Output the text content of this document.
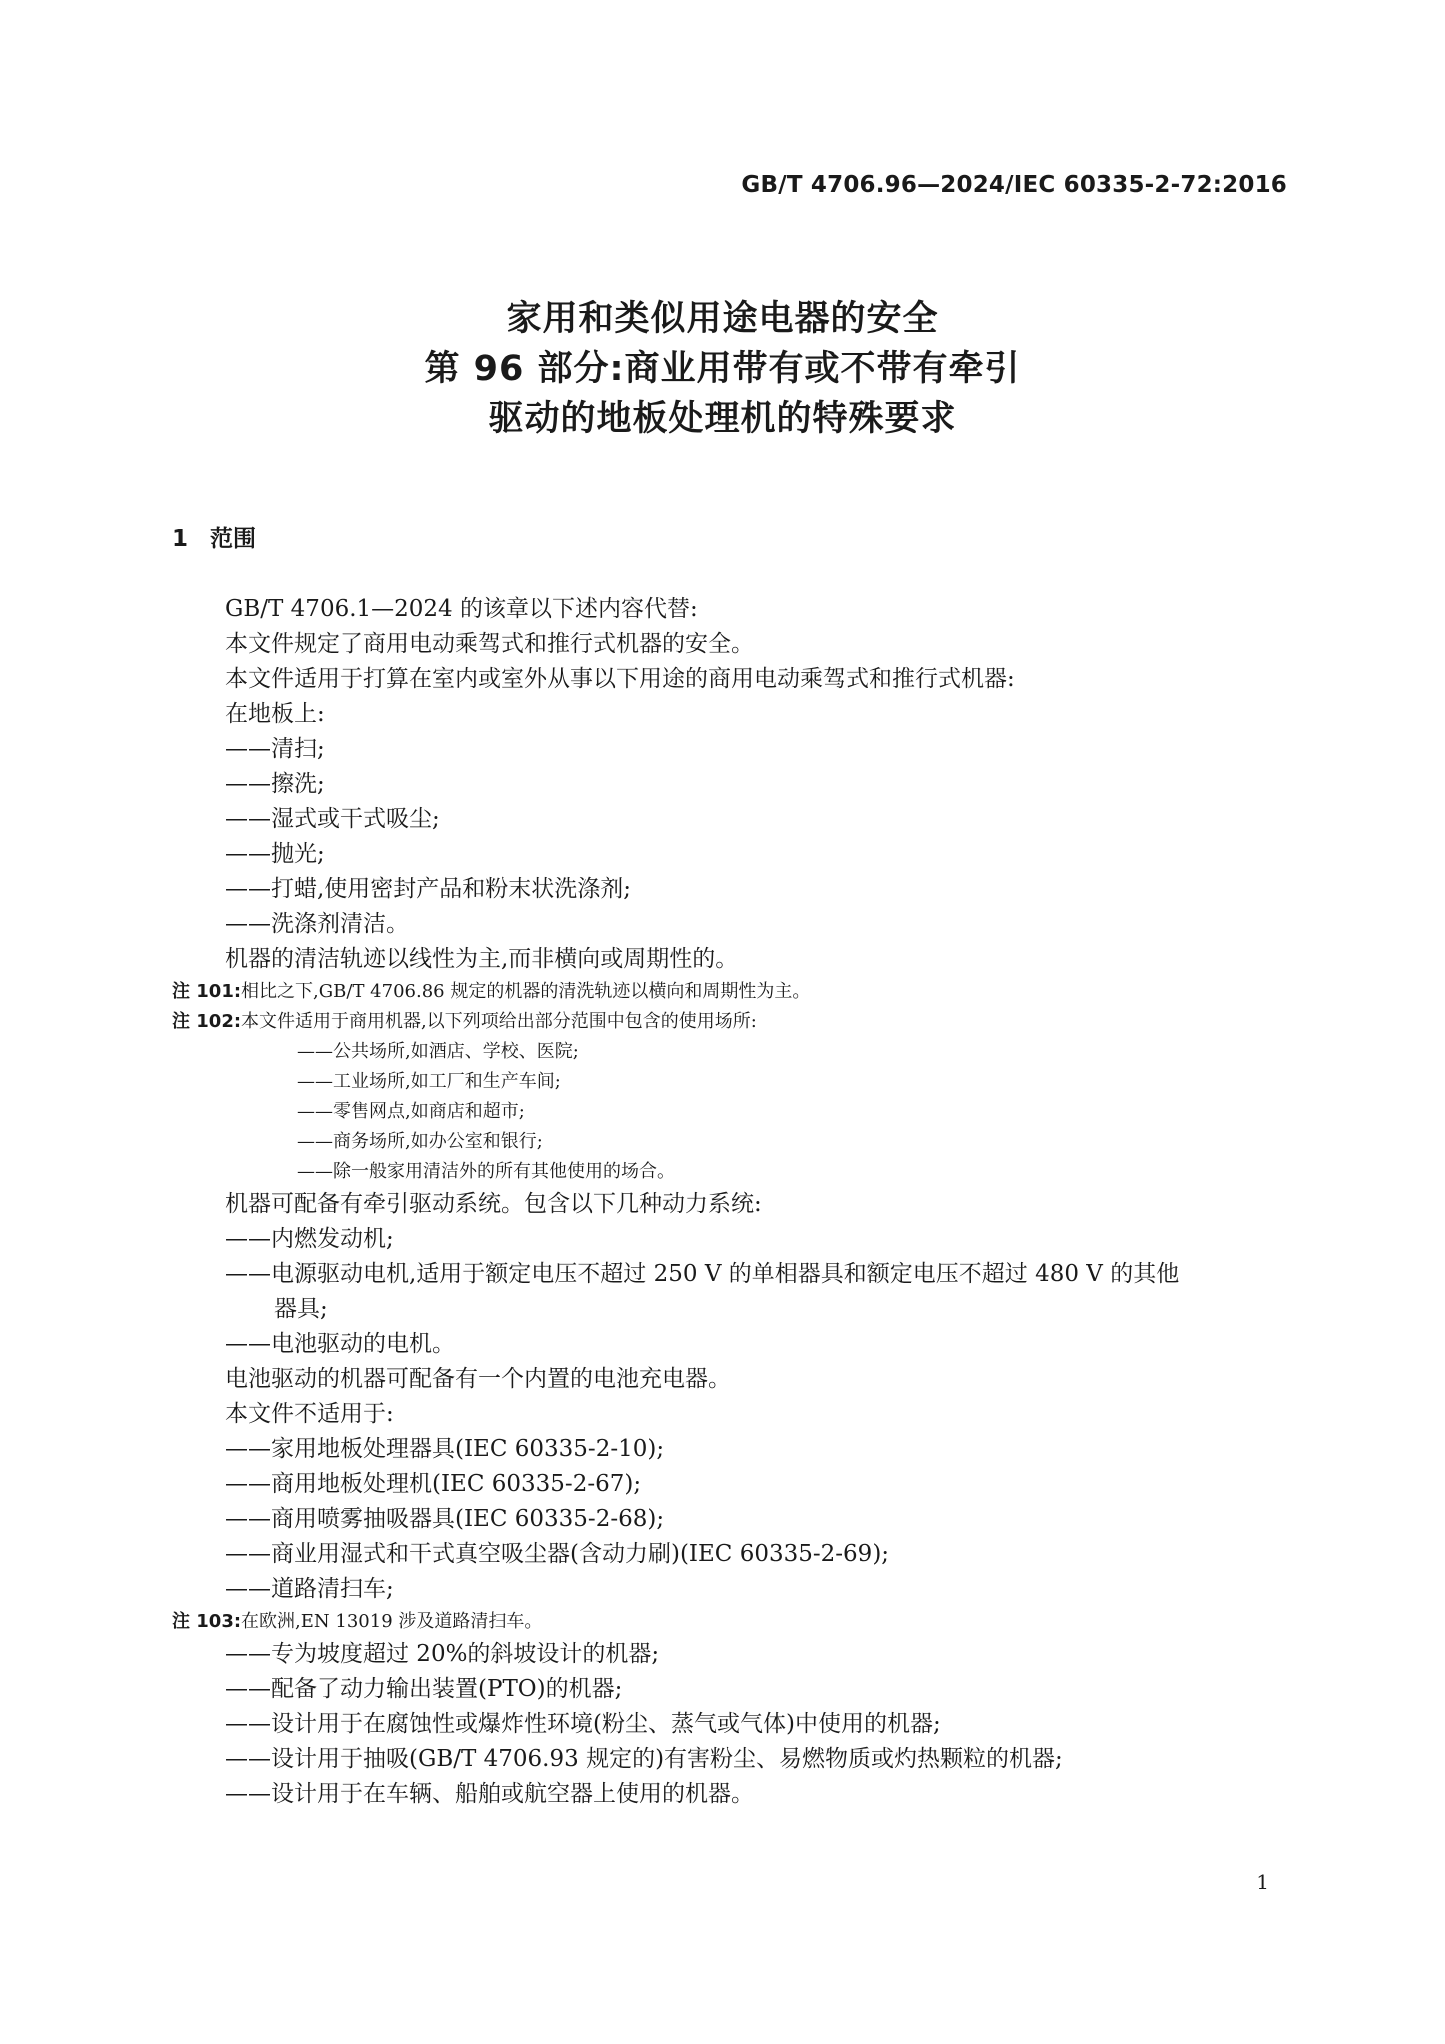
GB/T 4706.96—2024/IEC 60335-2-72:2016
家用和类似用途电器的安全
第 96 部分:商业用带有或不带有牵引
驱动的地板处理机的特殊要求
1 范围
GB/T 4706.1—2024 的该章以下述内容代替:
本文件规定了商用电动乘驾式和推行式机器的安全。
本文件适用于打算在室内或室外从事以下用途的商用电动乘驾式和推行式机器:
在地板上:
——清扫;
——擦洗;
——湿式或干式吸尘;
——抛光;
——打蜡,使用密封产品和粉末状洗涤剂;
——洗涤剂清洁。
机器的清洁轨迹以线性为主,而非横向或周期性的。
注 101:相比之下,GB/T 4706.86 规定的机器的清洗轨迹以横向和周期性为主。
注 102:本文件适用于商用机器,以下列项给出部分范围中包含的使用场所:
——公共场所,如酒店、学校、医院;
——工业场所,如工厂和生产车间;
——零售网点,如商店和超市;
——商务场所,如办公室和银行;
——除一般家用清洁外的所有其他使用的场合。
机器可配备有牵引驱动系统。包含以下几种动力系统:
——内燃发动机;
——电源驱动电机,适用于额定电压不超过 250 V 的单相器具和额定电压不超过 480 V 的其他
器具;
——电池驱动的电机。
电池驱动的机器可配备有一个内置的电池充电器。
本文件不适用于:
——家用地板处理器具(IEC 60335-2-10);
——商用地板处理机(IEC 60335-2-67);
——商用喷雾抽吸器具(IEC 60335-2-68);
——商业用湿式和干式真空吸尘器(含动力刷)(IEC 60335-2-69);
——道路清扫车;
注 103:在欧洲,EN 13019 涉及道路清扫车。
——专为坡度超过 20%的斜坡设计的机器;
——配备了动力输出装置(PTO)的机器;
——设计用于在腐蚀性或爆炸性环境(粉尘、蒸气或气体)中使用的机器;
——设计用于抽吸(GB/T 4706.93 规定的)有害粉尘、易燃物质或灼热颗粒的机器;
——设计用于在车辆、船舶或航空器上使用的机器。
1
